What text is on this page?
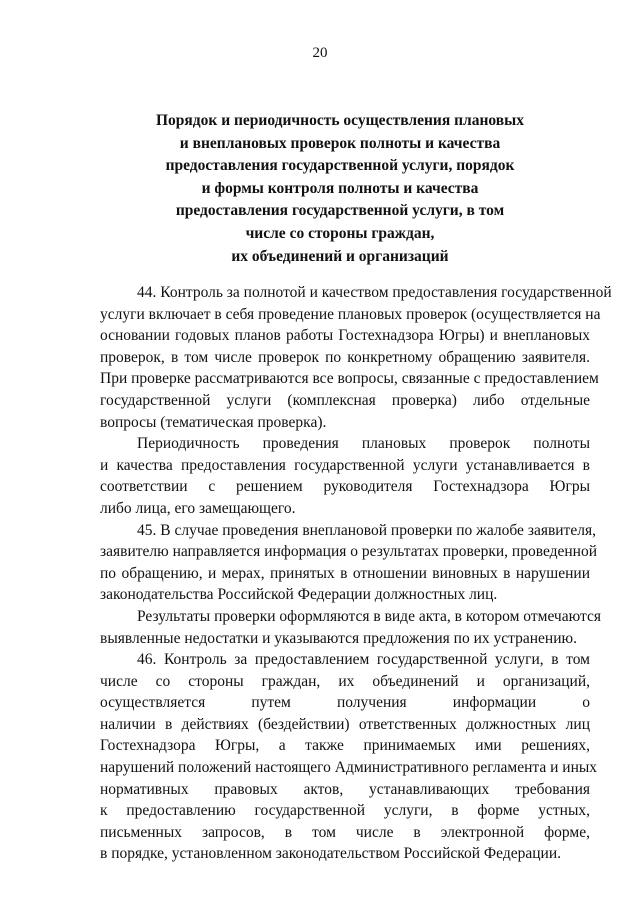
20
Порядок и периодичность осуществления плановых
и внеплановых проверок полноты и качества
предоставления государственной услуги, порядок
и формы контроля полноты и качества
предоставления государственной услуги, в том
числе со стороны граждан,
их объединений и организаций
44. Контроль за полнотой и качеством предоставления государственной
услуги включает в себя проведение плановых проверок (осуществляется на
основании годовых планов работы Гостехнадзора Югры) и внеплановых
проверок, в том числе проверок по конкретному обращению заявителя.
При проверке рассматриваются все вопросы, связанные с предоставлением
государственной услуги (комплексная проверка) либо отдельные
вопросы (тематическая проверка).
Периодичность проведения плановых проверок полноты
и качества предоставления государственной услуги устанавливается в
соответствии с решением руководителя Гостехнадзора Югры
либо лица, его замещающего.
45. В случае проведения внеплановой проверки по жалобе заявителя,
заявителю направляется информация о результатах проверки, проведенной
по обращению, и мерах, принятых в отношении виновных в нарушении
законодательства Российской Федерации должностных лиц.
Результаты проверки оформляются в виде акта, в котором отмечаются
выявленные недостатки и указываются предложения по их устранению.
46. Контроль за предоставлением государственной услуги, в том
числе со стороны граждан, их объединений и организаций,
осуществляется путем получения информации о
наличии в действиях (бездействии) ответственных должностных лиц
Гостехнадзора Югры, а также принимаемых ими решениях,
нарушений положений настоящего Административного регламента и иных
нормативных правовых актов, устанавливающих требования
к предоставлению государственной услуги, в форме устных,
письменных запросов, в том числе в электронной форме,
в порядке, установленном законодательством Российской Федерации.
